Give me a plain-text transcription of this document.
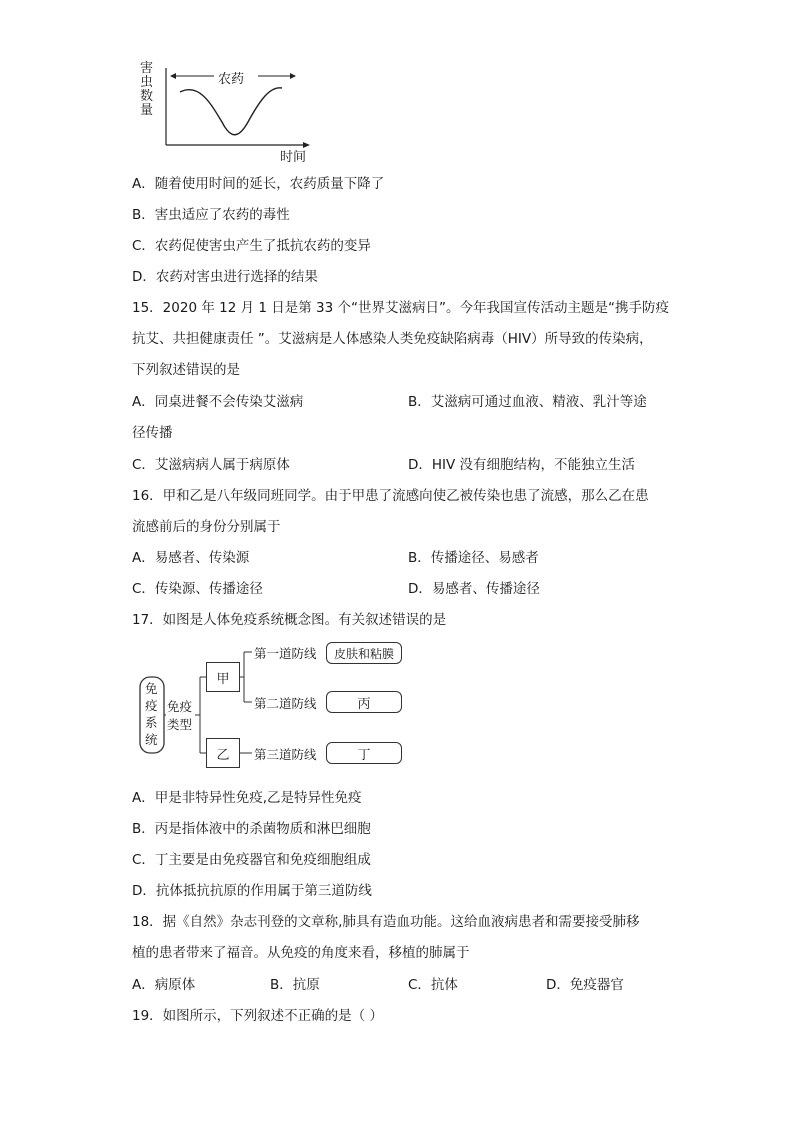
害
虫
数
量
农药
时间
A．随着使用时间的延长，农药质量下降了
B．害虫适应了农药的毒性
C．农药促使害虫产生了抵抗农药的变异
D．农药对害虫进行选择的结果
15．2020 年 12 月 1 日是第 33 个“世界艾滋病日”。今年我国宣传活动主题是“携手防疫
抗艾、共担健康责任 ”。艾滋病是人体感染人类免疫缺陷病毒（HIV）所导致的传染病，
下列叙述错误的是
A．同桌进餐不会传染艾滋病	B．艾滋病可通过血液、精液、乳汁等途
径传播
C．艾滋病病人属于病原体	D．HIV 没有细胞结构，不能独立生活
16．甲和乙是八年级同班同学。由于甲患了流感向使乙被传染也患了流感，那么乙在患
流感前后的身份分别属于
A．易感者、传染源	B．传播途径、易感者
C．传染源、传播途径	D．易感者、传播途径
17．如图是人体免疫系统概念图。有关叙述错误的是
免
疫
系
统
免疫
类型
甲
乙
第一道防线
第二道防线
第三道防线
皮肤和粘膜
丙
丁
A．甲是非特异性免疫,乙是特异性免疫
B．丙是指体液中的杀菌物质和淋巴细胞
C．丁主要是由免疫器官和免疫细胞组成
D．抗体抵抗抗原的作用属于第三道防线
18．据《自然》杂志刊登的文章称,肺具有造血功能。这给血液病患者和需要接受肺移
植的患者带来了福音。从免疫的角度来看，移植的肺属于
A．病原体	B．抗原	C．抗体	D．免疫器官
19．如图所示，下列叙述不正确的是（ ）
